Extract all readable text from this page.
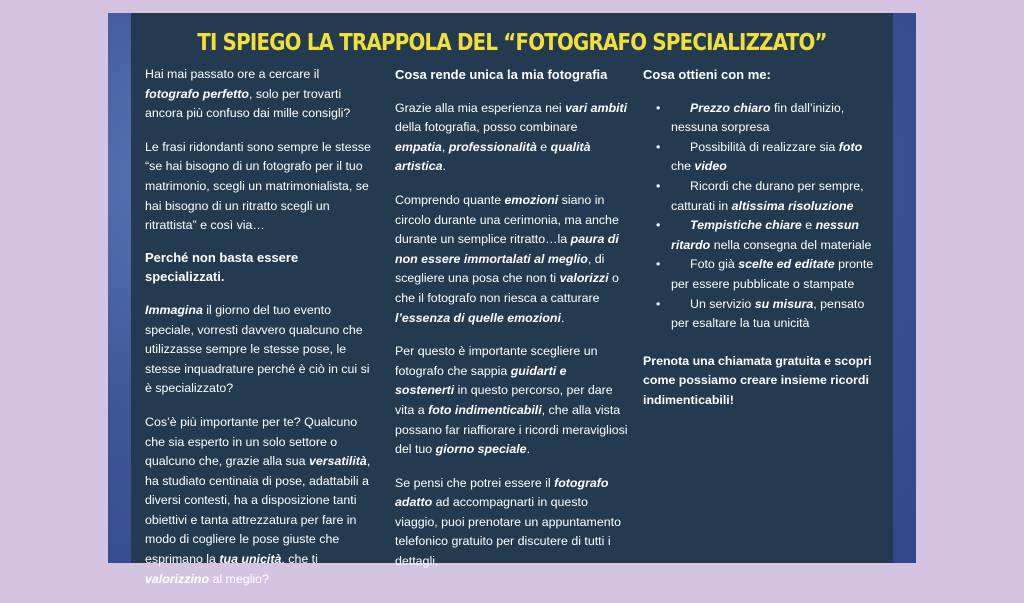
TI SPIEGO LA TRAPPOLA DEL “FOTOGRAFO SPECIALIZZATO”

Hai mai passato ore a cercare il fotografo perfetto, solo per trovarti ancora più confuso dai mille consigli?

Le frasi ridondanti sono sempre le stesse “se hai bisogno di un fotografo per il tuo matrimonio, scegli un matrimonialista, se hai bisogno di un ritratto scegli un ritrattista” e così via…

Perché non basta essere specializzati.

Immagina il giorno del tuo evento speciale, vorresti davvero qualcuno che utilizzasse sempre le stesse pose, le stesse inquadrature perché è ciò in cui si è specializzato?

Cos’è più importante per te? Qualcuno che sia esperto in un solo settore o qualcuno che, grazie alla sua versatilità, ha studiato centinaia di pose, adattabili a diversi contesti, ha a disposizione tanti obiettivi e tanta attrezzatura per fare in modo di cogliere le pose giuste che esprimano la tua unicità, che ti valorizzino al meglio?

Cosa rende unica la mia fotografia

Grazie alla mia esperienza nei vari ambiti della fotografia, posso combinare empatia, professionalità e qualità artistica.

Comprendo quante emozioni siano in circolo durante una cerimonia, ma anche durante un semplice ritratto…la paura di non essere immortalati al meglio, di scegliere una posa che non ti valorizzi o che il fotografo non riesca a catturare l’essenza di quelle emozioni.

Per questo è importante scegliere un fotografo che sappia guidarti e sostenerti in questo percorso, per dare vita a foto indimenticabili, che alla vista possano far riaffiorare i ricordi meravigliosi del tuo giorno speciale.

Se pensi che potrei essere il fotografo adatto ad accompagnarti in questo viaggio, puoi prenotare un appuntamento telefonico gratuito per discutere di tutti i dettagli.

Cosa ottieni con me:

• Prezzo chiaro fin dall’inizio, nessuna sorpresa
• Possibilità di realizzare sia foto che video
• Ricordi che durano per sempre, catturati in altissima risoluzione
• Tempistiche chiare e nessun ritardo nella consegna del materiale
• Foto già scelte ed editate pronte per essere pubblicate o stampate
• Un servizio su misura, pensato per esaltare la tua unicità

Prenota una chiamata gratuita e scopri come possiamo creare insieme ricordi indimenticabili!
